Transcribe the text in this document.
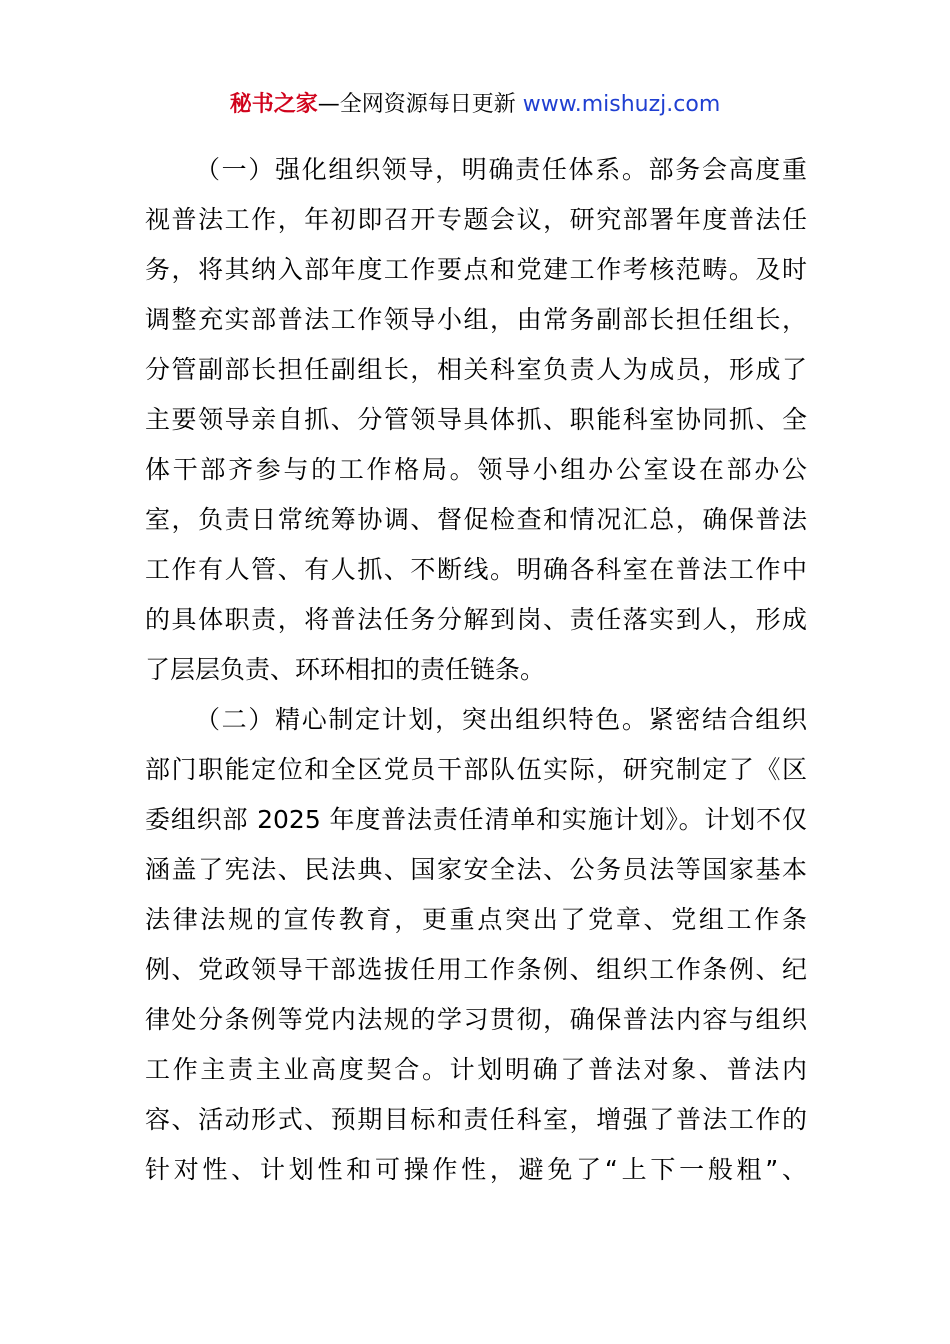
秘书之家—全网资源每日更新 www.mishuzj.com
（一）强化组织领导，明确责任体系。部务会高度重
视普法工作，年初即召开专题会议，研究部署年度普法任
务，将其纳入部年度工作要点和党建工作考核范畴。及时
调整充实部普法工作领导小组，由常务副部长担任组长，
分管副部长担任副组长，相关科室负责人为成员，形成了
主要领导亲自抓、分管领导具体抓、职能科室协同抓、全
体干部齐参与的工作格局。领导小组办公室设在部办公
室，负责日常统筹协调、督促检查和情况汇总，确保普法
工作有人管、有人抓、不断线。明确各科室在普法工作中
的具体职责，将普法任务分解到岗、责任落实到人，形成
了层层负责、环环相扣的责任链条。
（二）精心制定计划，突出组织特色。紧密结合组织
部门职能定位和全区党员干部队伍实际，研究制定了《区
委组织部 2025 年度普法责任清单和实施计划》。计划不仅
涵盖了宪法、民法典、国家安全法、公务员法等国家基本
法律法规的宣传教育，更重点突出了党章、党组工作条
例、党政领导干部选拔任用工作条例、组织工作条例、纪
律处分条例等党内法规的学习贯彻，确保普法内容与组织
工作主责主业高度契合。计划明确了普法对象、普法内
容、活动形式、预期目标和责任科室，增强了普法工作的
针对性、计划性和可操作性，避免了“上下一般粗”、
